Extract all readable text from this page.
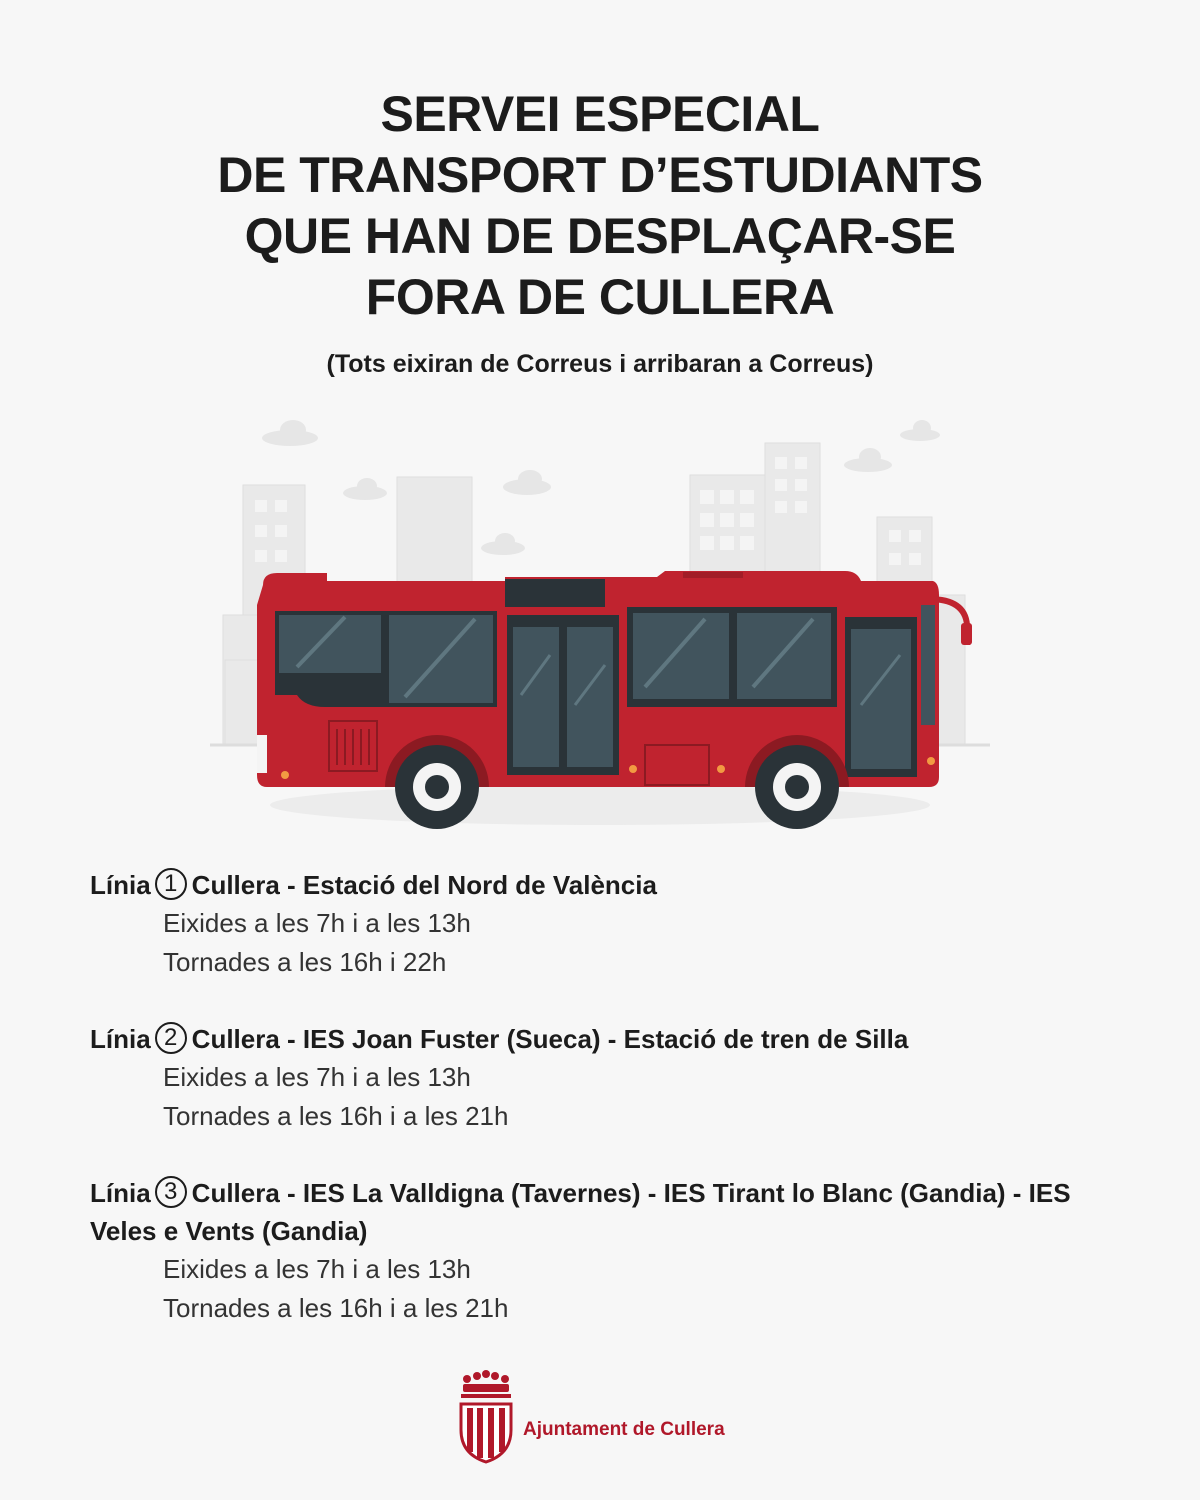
SERVEI ESPECIAL
DE TRANSPORT D’ESTUDIANTS
QUE HAN DE DESPLAÇAR-SE
FORA DE CULLERA
(Tots eixiran de Correus i arribaran a Correus)
Línia 1 Cullera - Estació del Nord de València
Eixides a les 7h i a les 13h
Tornades a les 16h i 22h
Línia 2 Cullera - IES Joan Fuster (Sueca) - Estació de tren de Silla
Eixides a les 7h i a les 13h
Tornades a les 16h i a les 21h
Línia 3 Cullera - IES La Valldigna (Tavernes) - IES Tirant lo Blanc (Gandia) - IES Veles e Vents (Gandia)
Eixides a les 7h i a les 13h
Tornades a les 16h i a les 21h
Ajuntament de Cullera
